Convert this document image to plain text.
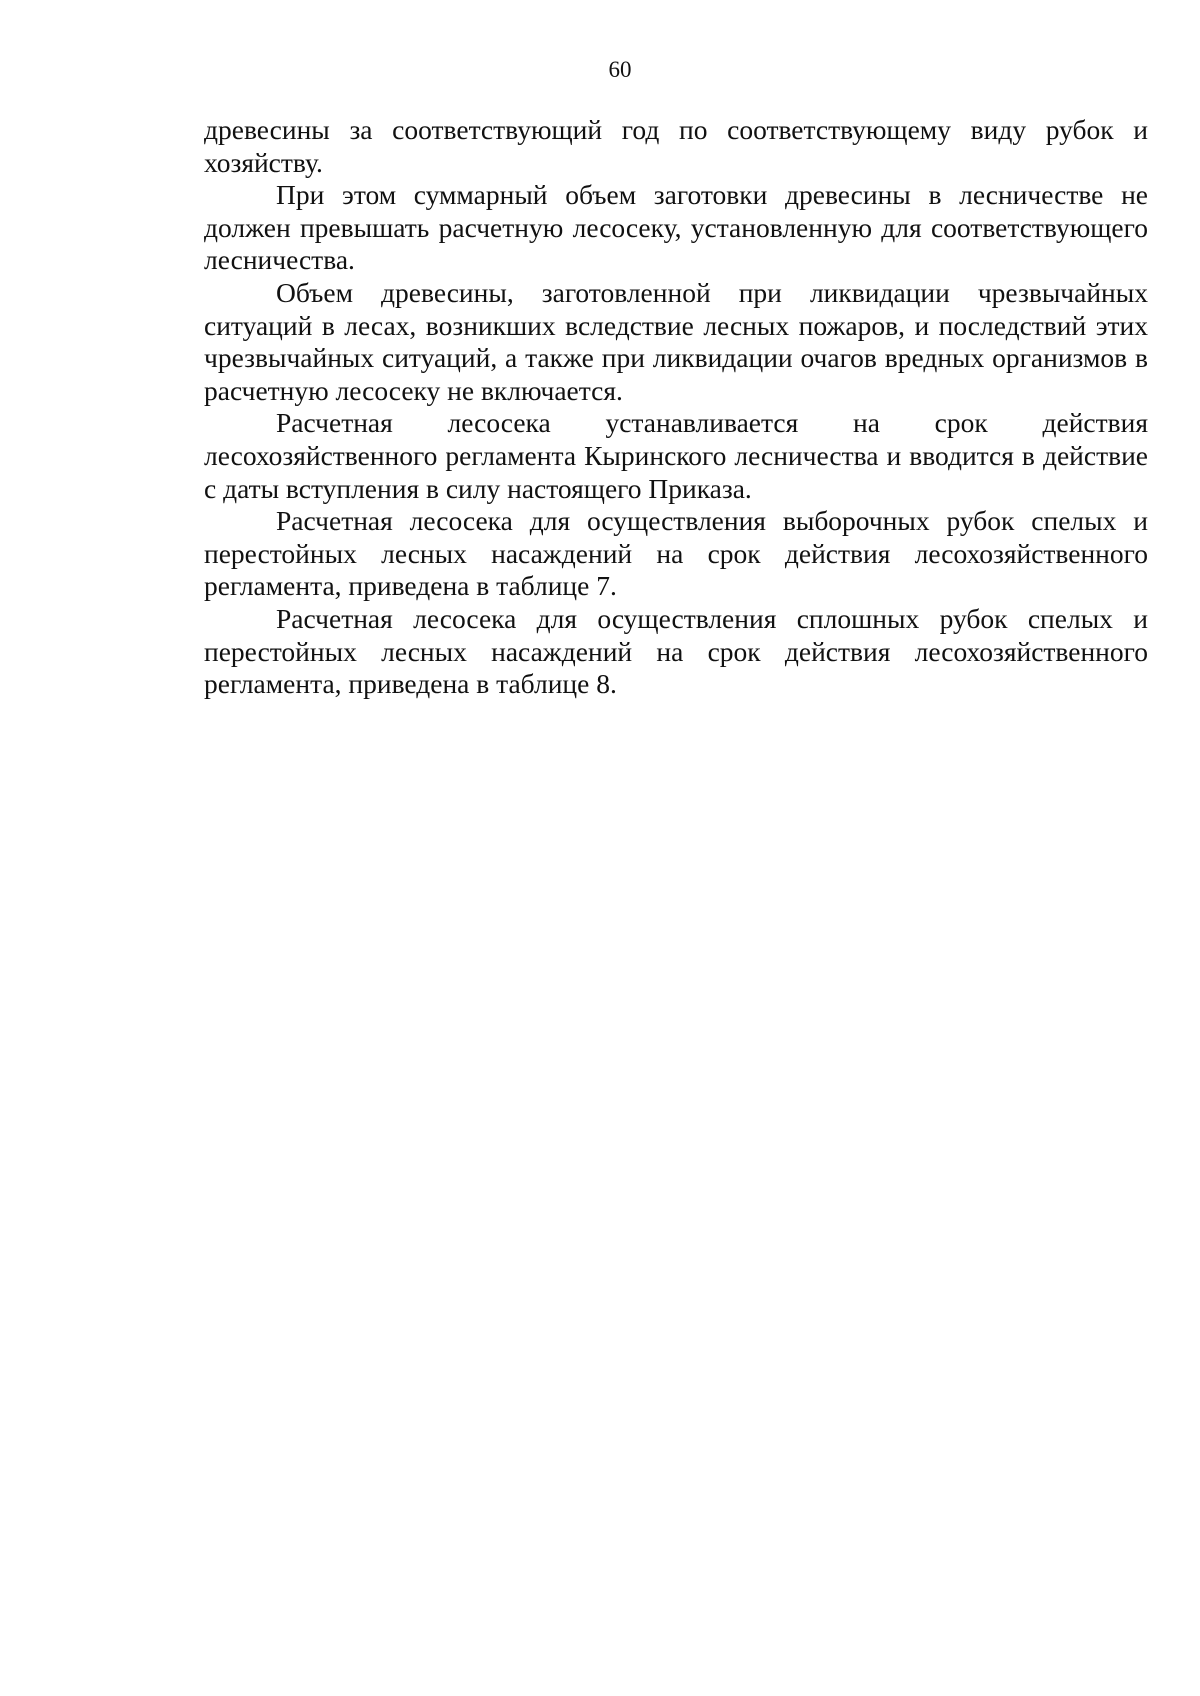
60

древесины за соответствующий год по соответствующему виду рубок и хозяйству.

При этом суммарный объем заготовки древесины в лесничестве не должен превышать расчетную лесосеку, установленную для соответствующего лесничества.

Объем древесины, заготовленной при ликвидации чрезвычайных ситуаций в лесах, возникших вследствие лесных пожаров, и последствий этих чрезвычайных ситуаций, а также при ликвидации очагов вредных организмов в расчетную лесосеку не включается.

Расчетная лесосека устанавливается на срок действия лесохозяйственного регламента Кыринского лесничества и вводится в действие с даты вступления в силу настоящего Приказа.

Расчетная лесосека для осуществления выборочных рубок спелых и перестойных лесных насаждений на срок действия лесохозяйственного регламента, приведена в таблице 7.

Расчетная лесосека для осуществления сплошных рубок спелых и перестойных лесных насаждений на срок действия лесохозяйственного регламента, приведена в таблице 8.
